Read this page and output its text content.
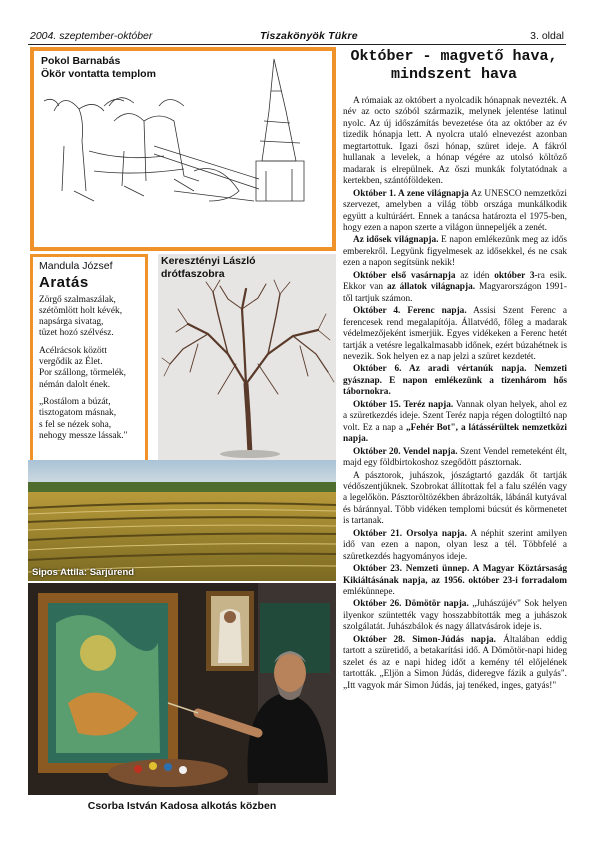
2004. szeptember-október	Tiszakönyök Tükre	3. oldal
Pokol Barnabás
Ökör vontatta templom
Mandula József
Aratás
Zörgő szalmaszálak,
szétömlött holt kévék,
napsárga sivatag,
tüzet hozó szélvész.
Acélrácsok között
vergődik az Élet.
Por szállong, törmelék,
némán dalolt ének.
„Rostálom a búzát,
tisztogatom másnak,
s fel se nézek soha,
nehogy messze lássak."
Keresztényi László
drótfaszobra
Sipos Attila: Sarjúrend
Csorba István Kadosa alkotás közben
Október - magvető hava,
mindszent hava

A rómaiak az októbert a nyolcadik hónapnak nevezték. A név az octo szóból származik, melynek jelentése latinul nyolc. Az új időszámítás bevezetése óta az október az év tizedik hónapja lett. A nyolcra utaló elnevezést azonban megtartottuk. Igazi őszi hónap, szüret ideje. A fákról hullanak a levelek, a hónap végére az utolsó költöző madarak is elrepülnek. Az őszi munkák folytatódnak a kertekben, szántóföldeken.

Október 1. A zene világnapja Az UNESCO nemzetközi szervezet, amelyben a világ több országa munkálkodik együtt a kultúráért. Ennek a tanácsa határozta el 1975-ben, hogy ezen a napon szerte a világon ünnepeljék a zenét.

Az idősek világnapja. E napon emlékezünk meg az idős emberekről. Legyünk figyelmesek az idősekkel, és ne csak ezen a napon segítsünk nekik!

Október első vasárnapja az idén október 3-ra esik. Ekkor van az állatok világnapja. Magyarországon 1991-től tartjuk számon.

Október 4. Ferenc napja. Assisi Szent Ferenc a ferencesek rend megalapítója. Állatvédő, főleg a madarak védelmezőjeként ismerjük. Egyes vidékeken a Ferenc hetét tartják a vetésre legalkalmasabb időnek, ezért búzahétnek is nevezik. Sok helyen ez a nap jelzi a szüret kezdetét.

Október 6. Az aradi vértanúk napja. Nemzeti gyásznap. E napon emlékezünk a tizenhárom hős tábornokra.

Október 15. Teréz napja. Vannak olyan helyek, ahol ez a szüretkezdés ideje. Szent Teréz napja régen dologtiltó nap volt. Ez a nap a „Fehér Bot", a látássérültek nemzetközi napja.

Október 20. Vendel napja. Szent Vendel remeteként élt, majd egy földbirtokoshoz szegődött pásztornak.

A pásztorok, juhászok, jószágtartó gazdák őt tartják védőszentjüknek. Szobrokat állítottak fel a falu szélén vagy a legelőkön. Pásztoröltözékben ábrázolták, lábánál kutyával és báránnyal. Több vidéken templomi búcsút és körmenetet is tartanak.

Október 21. Orsolya napja. A néphit szerint amilyen idő van ezen a napon, olyan lesz a tél. Többfelé a szüretkezdés hagyományos ideje.

Október 23. Nemzeti ünnep. A Magyar Köztársaság Kikiáltásának napja, az 1956. október 23-i forradalom emlékünnepe.

Október 26. Dömötör napja. „Juhászújév" Sok helyen ilyenkor szüntették vagy hosszabbították meg a juhászok szolgálatát. Juhászbálok és nagy állatvásárok ideje is.

Október 28. Simon-Júdás napja. Általában eddig tartott a szüretidő, a betakarítási idő. A Dömötör-napi hideg szelet és az e napi hideg időt a kemény tél előjelének tartották. „Eljön a Simon Júdás, dideregve fázik a gulyás". „Itt vagyok már Simon Júdás, jaj tenéked, inges, gatyás!"
